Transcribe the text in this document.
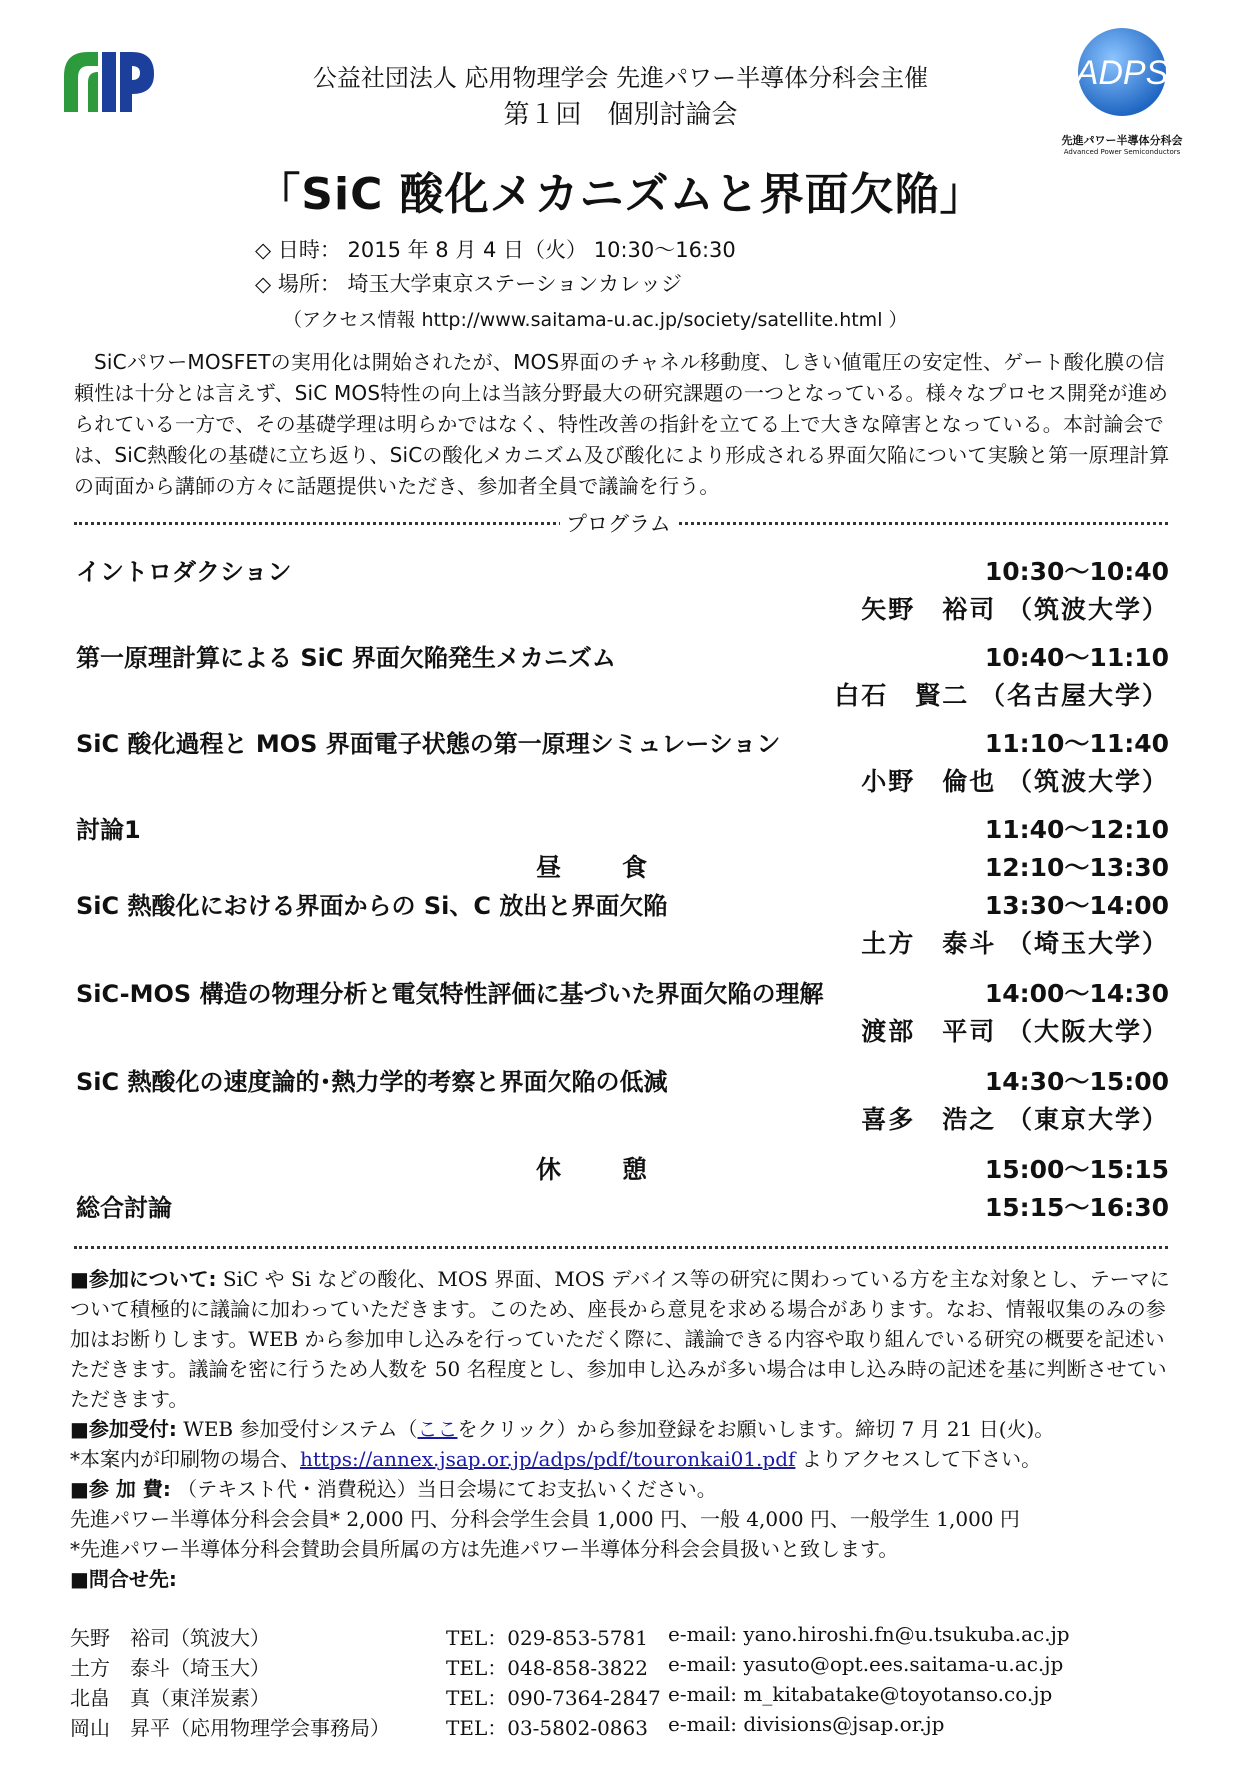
ADPS
先進パワー半導体分科会
Advanced Power Semiconductors
公益社団法人 応用物理学会 先進パワー半導体分科会主催
第１回　個別討論会
「SiC 酸化メカニズムと界面欠陥」
◇ 日時： 2015 年 8 月 4 日（火） 10:30～16:30
◇ 場所： 埼玉大学東京ステーションカレッジ
（アクセス情報 http://www.saitama-u.ac.jp/society/satellite.html ）

SiCパワーMOSFETの実用化は開始されたが、MOS界面のチャネル移動度、しきい値電圧の安定性、ゲート酸化膜の信頼性は十分とは言えず、SiC MOS特性の向上は当該分野最大の研究課題の一つとなっている。様々なプロセス開発が進められている一方で、その基礎学理は明らかではなく、特性改善の指針を立てる上で大きな障害となっている。本討論会では、SiC熱酸化の基礎に立ち返り、SiCの酸化メカニズム及び酸化により形成される界面欠陥について実験と第一原理計算の両面から講師の方々に話題提供いただき、参加者全員で議論を行う。

プログラム
イントロダクション	10:30～10:40
矢野　裕司 （筑波大学）
第一原理計算による SiC 界面欠陥発生メカニズム	10:40～11:10
白石　賢二 （名古屋大学）
SiC 酸化過程と MOS 界面電子状態の第一原理シミュレーション	11:10～11:40
小野　倫也 （筑波大学）
討論1	11:40～12:10
昼　食	12:10～13:30
SiC 熱酸化における界面からの Si、C 放出と界面欠陥	13:30～14:00
土方　泰斗 （埼玉大学）
SiC-MOS 構造の物理分析と電気特性評価に基づいた界面欠陥の理解	14:00～14:30
渡部　平司 （大阪大学）
SiC 熱酸化の速度論的･熱力学的考察と界面欠陥の低減	14:30～15:00
喜多　浩之 （東京大学）
休　憩	15:00～15:15
総合討論	15:15～16:30

■参加について: SiC や Si などの酸化、MOS 界面、MOS デバイス等の研究に関わっている方を主な対象とし、テーマについて積極的に議論に加わっていただきます。このため、座長から意見を求める場合があります。なお、情報収集のみの参加はお断りします。WEB から参加申し込みを行っていただく際に、議論できる内容や取り組んでいる研究の概要を記述いただきます。議論を密に行うため人数を 50 名程度とし、参加申し込みが多い場合は申し込み時の記述を基に判断させていただきます。

■参加受付: WEB 参加受付システム（ここをクリック）から参加登録をお願いします。締切 7 月 21 日(火)。

*本案内が印刷物の場合、https://annex.jsap.or.jp/adps/pdf/touronkai01.pdf よりアクセスして下さい。

■参 加 費: （テキスト代・消費税込）当日会場にてお支払いください。

先進パワー半導体分科会会員* 2,000 円、分科会学生会員 1,000 円、一般 4,000 円、一般学生 1,000 円

*先進パワー半導体分科会賛助会員所属の方は先進パワー半導体分科会会員扱いと致します。

■問合せ先:

矢野　裕司（筑波大）	TEL：029-853-5781 e-mail: yano.hiroshi.fn@u.tsukuba.ac.jp
土方　泰斗（埼玉大）	TEL：048-858-3822 e-mail: yasuto@opt.ees.saitama-u.ac.jp
北畠　真（東洋炭素）	TEL：090-7364-2847 e-mail: m_kitabatake@toyotanso.co.jp
岡山　昇平（応用物理学会事務局）	TEL：03-5802-0863 e-mail: divisions@jsap.or.jp
